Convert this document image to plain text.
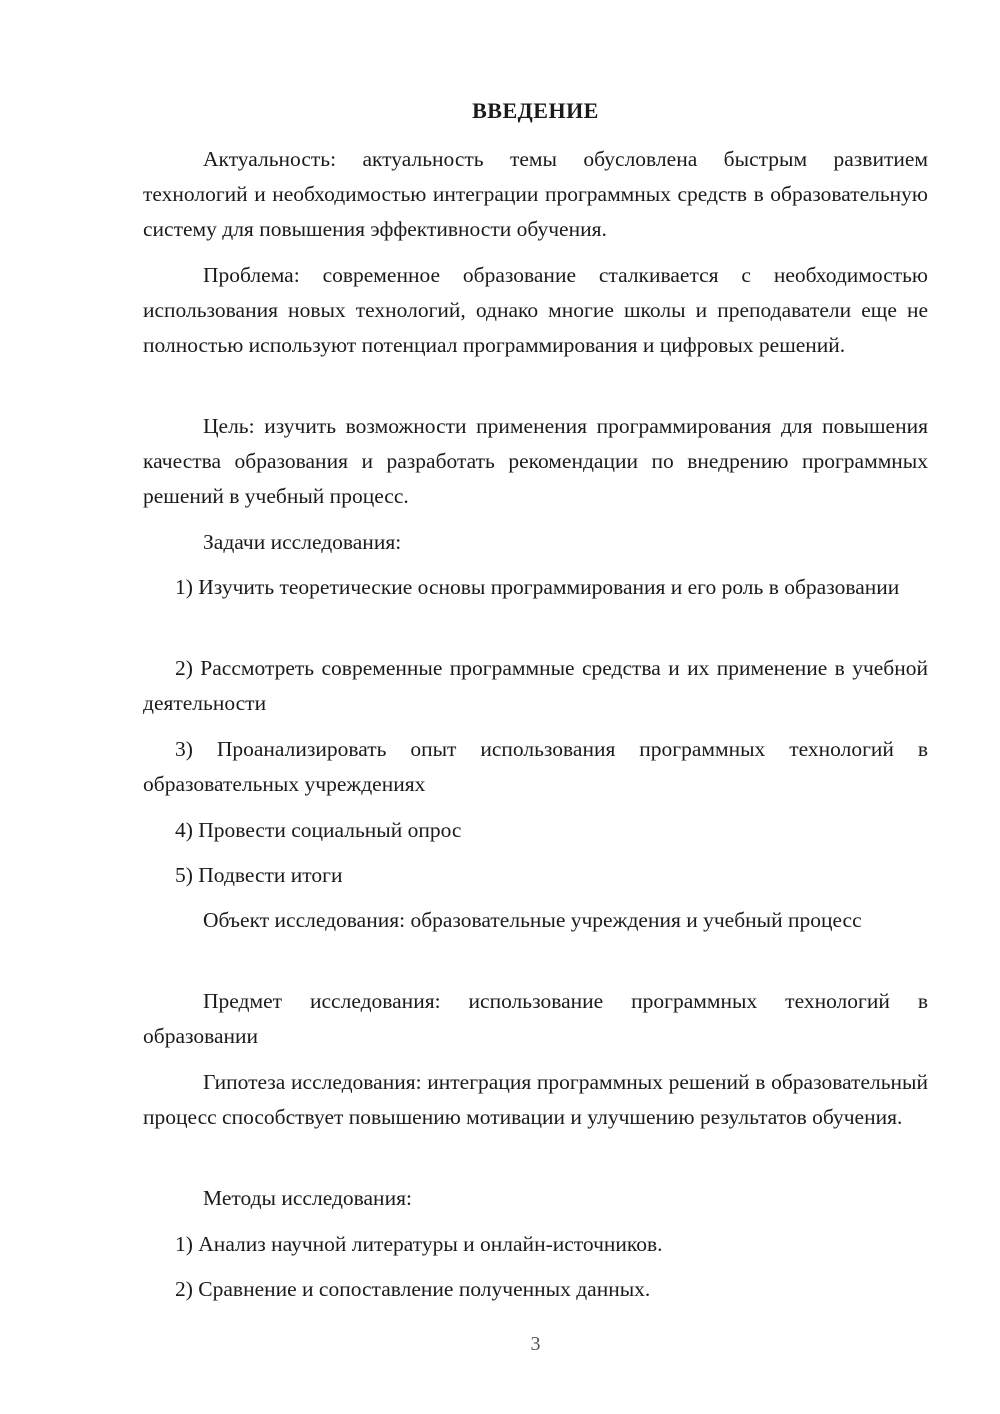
ВВЕДЕНИЕ

Актуальность: актуальность темы обусловлена быстрым развитием технологий и необходимостью интеграции программных средств в образовательную систему для повышения эффективности обучения.

Проблема: современное образование сталкивается с необходимостью использования новых технологий, однако многие школы и преподаватели еще не полностью используют потенциал программирования и цифровых решений.

Цель: изучить возможности применения программирования для повышения качества образования и разработать рекомендации по внедрению программных решений в учебный процесс.

Задачи исследования:

1) Изучить теоретические основы программирования и его роль в образовании

2) Рассмотреть современные программные средства и их применение в учебной деятельности

3) Проанализировать опыт использования программных технологий в образовательных учреждениях

4) Провести социальный опрос

5) Подвести итоги

Объект исследования: образовательные учреждения и учебный процесс

Предмет исследования: использование программных технологий в образовании

Гипотеза исследования: интеграция программных решений в образовательный процесс способствует повышению мотивации и улучшению результатов обучения.

Методы исследования:

1) Анализ научной литературы и онлайн-источников.

2) Сравнение и сопоставление полученных данных.

3
